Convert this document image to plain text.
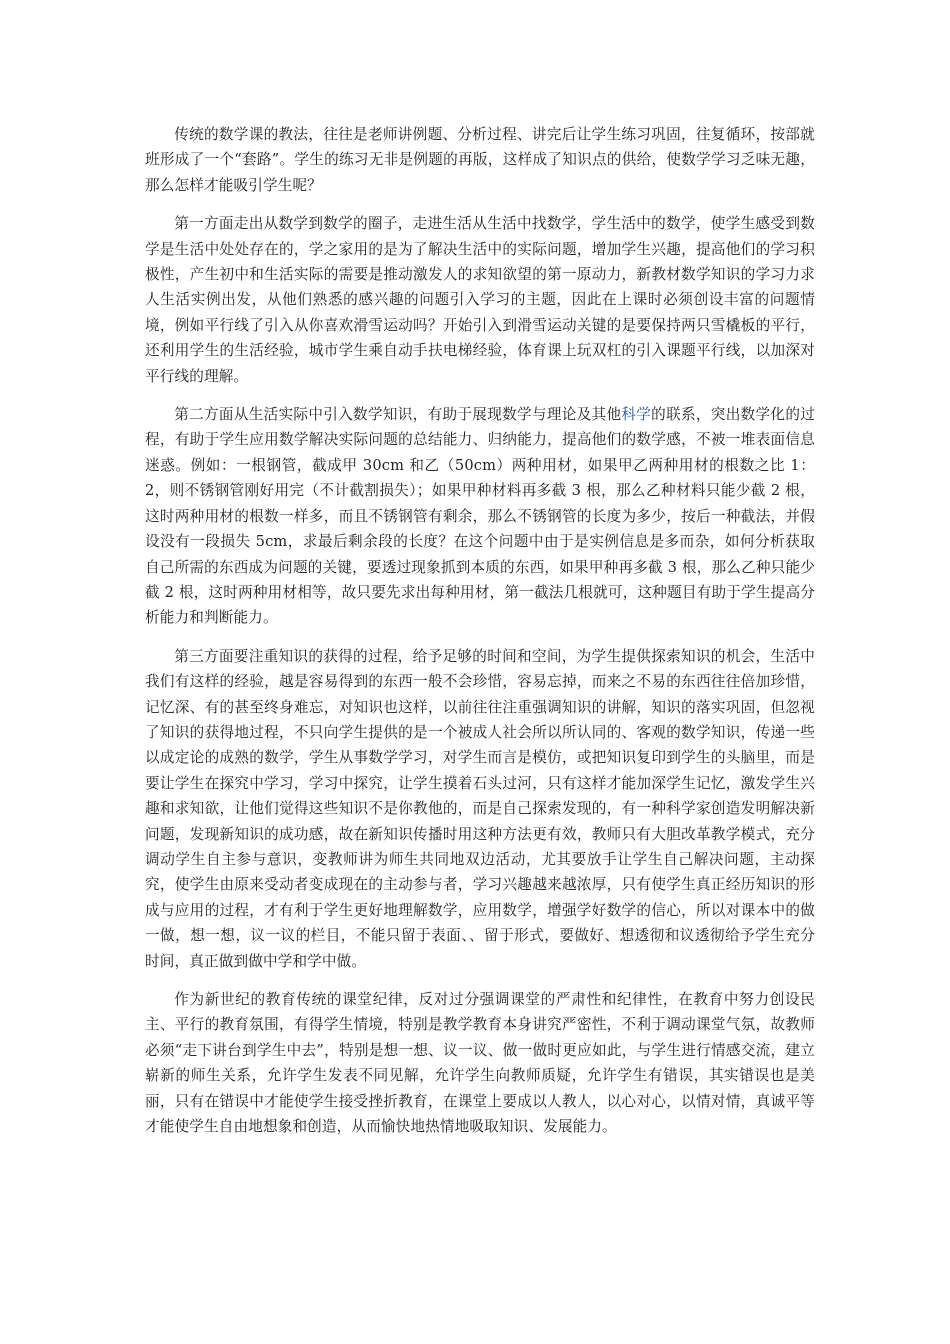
传统的数学课的教法，往往是老师讲例题、分析过程、讲完后让学生练习巩固，往复循环，按部就班形成了一个“套路”。学生的练习无非是例题的再版，这样成了知识点的供给，使数学学习乏味无趣，那么怎样才能吸引学生呢？

第一方面走出从数学到数学的圈子，走进生活从生活中找数学，学生活中的数学，使学生感受到数学是生活中处处存在的，学之家用的是为了解决生活中的实际问题，增加学生兴趣，提高他们的学习积极性，产生初中和生活实际的需要是推动激发人的求知欲望的第一原动力，新教材数学知识的学习力求人生活实例出发，从他们熟悉的感兴趣的问题引入学习的主题，因此在上课时必须创设丰富的问题情境，例如平行线了引入从你喜欢滑雪运动吗？开始引入到滑雪运动关键的是要保持两只雪橇板的平行，还利用学生的生活经验，城市学生乘自动手扶电梯经验，体育课上玩双杠的引入课题平行线，以加深对平行线的理解。

第二方面从生活实际中引入数学知识，有助于展现数学与理论及其他科学的联系，突出数学化的过程，有助于学生应用数学解决实际问题的总结能力、归纳能力，提高他们的数学感，不被一堆表面信息迷惑。例如：一根钢管，截成甲 30cm 和乙（50cm）两种用材，如果甲乙两种用材的根数之比 1：2，则不锈钢管刚好用完（不计截割损失）；如果甲种材料再多截 3 根，那么乙种材料只能少截 2 根，这时两种用材的根数一样多，而且不锈钢管有剩余，那么不锈钢管的长度为多少，按后一种截法，并假设没有一段损失 5cm，求最后剩余段的长度？在这个问题中由于是实例信息是多而杂，如何分析获取自己所需的东西成为问题的关键，要透过现象抓到本质的东西，如果甲种再多截 3 根，那么乙种只能少截 2 根，这时两种用材相等，故只要先求出每种用材，第一截法几根就可，这种题目有助于学生提高分析能力和判断能力。

第三方面要注重知识的获得的过程，给予足够的时间和空间，为学生提供探索知识的机会，生活中我们有这样的经验，越是容易得到的东西一般不会珍惜，容易忘掉，而来之不易的东西往往倍加珍惜，记忆深、有的甚至终身难忘，对知识也这样，以前往往注重强调知识的讲解，知识的落实巩固，但忽视了知识的获得地过程，不只向学生提供的是一个被成人社会所以所认同的、客观的数学知识，传递一些以成定论的成熟的数学，学生从事数学学习，对学生而言是模仿，或把知识复印到学生的头脑里，而是要让学生在探究中学习，学习中探究，让学生摸着石头过河，只有这样才能加深学生记忆，激发学生兴趣和求知欲，让他们觉得这些知识不是你教他的，而是自己探索发现的，有一种科学家创造发明解决新问题，发现新知识的成功感，故在新知识传播时用这种方法更有效，教师只有大胆改革教学模式，充分调动学生自主参与意识，变教师讲为师生共同地双边活动，尤其要放手让学生自己解决问题，主动探究，使学生由原来受动者变成现在的主动参与者，学习兴趣越来越浓厚，只有使学生真正经历知识的形成与应用的过程，才有利于学生更好地理解数学，应用数学，增强学好数学的信心，所以对课本中的做一做，想一想，议一议的栏目，不能只留于表面、、留于形式，要做好、想透彻和议透彻给予学生充分时间，真正做到做中学和学中做。

作为新世纪的教育传统的课堂纪律，反对过分强调课堂的严肃性和纪律性，在教育中努力创设民主、平行的教育氛围，有得学生情境，特别是教学教育本身讲究严密性，不利于调动课堂气氛，故教师必须“走下讲台到学生中去”，特别是想一想、议一议、做一做时更应如此，与学生进行情感交流，建立崭新的师生关系，允许学生发表不同见解，允许学生向教师质疑，允许学生有错误，其实错误也是美丽，只有在错误中才能使学生接受挫折教育，在课堂上要成以人教人，以心对心，以情对情，真诚平等才能使学生自由地想象和创造，从而愉快地热情地吸取知识、发展能力。
